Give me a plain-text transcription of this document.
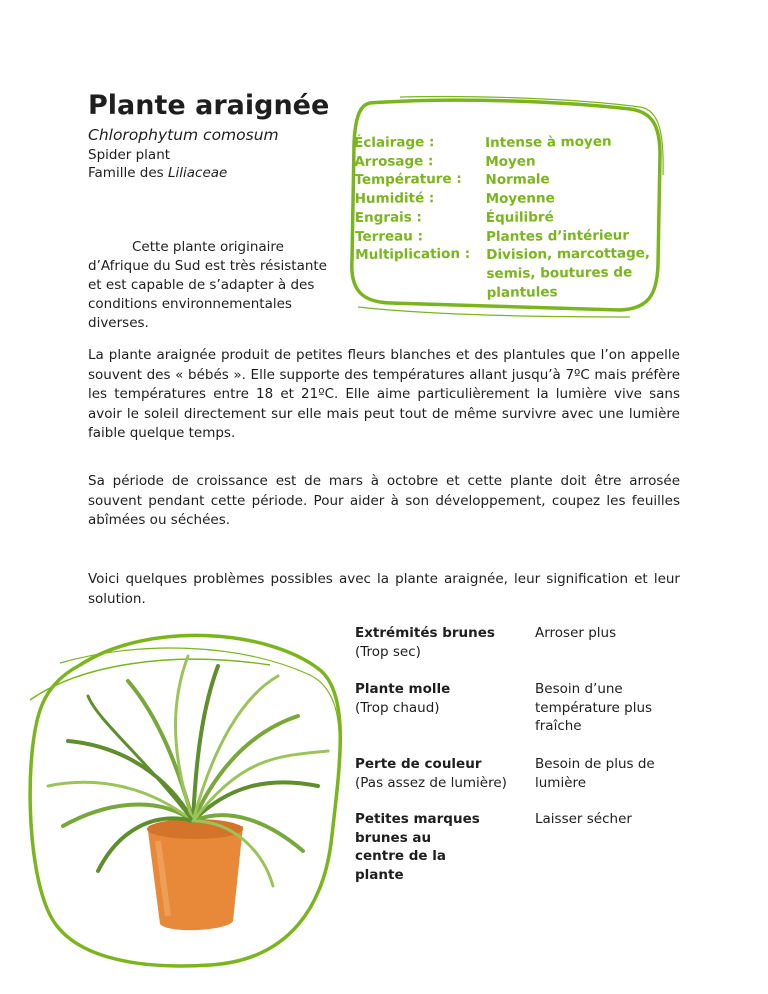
Plante araignée
Chlorophytum comosum
Spider plant
Famille des Liliaceae
Cette plante originaire d’Afrique du Sud est très résistante et est capable de s’adapter à des conditions environnementales diverses.
Éclairage :
Arrosage :
Température :
Humidité :
Engrais :
Terreau :
Multiplication :
Intense à moyen
Moyen
Normale
Moyenne
Équilibré
Plantes d’intérieur
Division, marcottage, semis, boutures de plantules

La plante araignée produit de petites fleurs blanches et des plantules que l’on appelle souvent des « bébés ». Elle supporte des températures allant jusqu’à 7ºC mais préfère les températures entre 18 et 21ºC. Elle aime particulièrement la lumière vive sans avoir le soleil directement sur elle mais peut tout de même survivre avec une lumière faible quelque temps.

Sa période de croissance est de mars à octobre et cette plante doit être arrosée souvent pendant cette période. Pour aider à son développement, coupez les feuilles abîmées ou séchées.

Voici quelques problèmes possibles avec la plante araignée, leur signification et leur solution.

Extrémités brunes
(Trop sec)
Arroser plus
Plante molle
(Trop chaud)
Besoin d’une température plus fraîche
Perte de couleur
(Pas assez de lumière)
Besoin de plus de lumière
Petites marques brunes au centre de la plante
Laisser sécher
